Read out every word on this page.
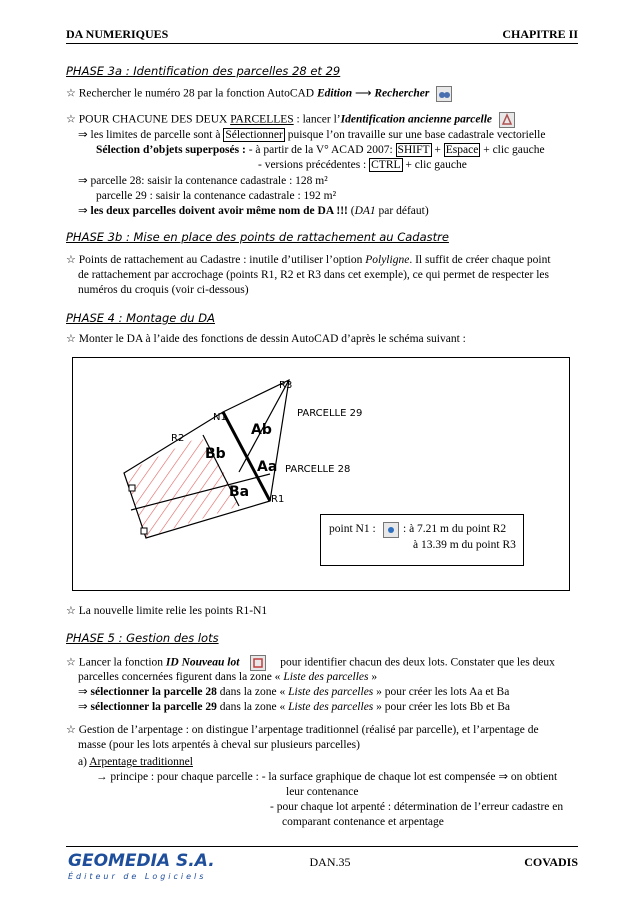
DA NUMERIQUES	CHAPITRE II
PHASE 3a : Identification des parcelles 28 et 29
☆ Rechercher le numéro 28 par la fonction AutoCAD Edition ⟶ Rechercher
☆ POUR CHACUNE DES DEUX PARCELLES : lancer l’Identification ancienne parcelle
⇒ les limites de parcelle sont à Sélectionner puisque l’on travaille sur une base cadastrale vectorielle
Sélection d’objets superposés : - à partir de la V° ACAD 2007: SHIFT + Espace + clic gauche
- versions précédentes : CTRL + clic gauche
⇒ parcelle 28: saisir la contenance cadastrale : 128 m²
parcelle 29 : saisir la contenance cadastrale : 192 m²
⇒ les deux parcelles doivent avoir même nom de DA !!! (DA1 par défaut)
PHASE 3b : Mise en place des points de rattachement au Cadastre
☆ Points de rattachement au Cadastre : inutile d’utiliser l’option Polyligne. Il suffit de créer chaque point
de rattachement par accrochage (points R1, R2 et R3 dans cet exemple), ce qui permet de respecter les
numéros du croquis (voir ci-dessous)
PHASE 4 : Montage du DA
☆ Monter le DA à l’aide des fonctions de dessin AutoCAD d’après le schéma suivant :
R3
N1
R2
R1
Ab
Bb
Aa
Ba
PARCELLE 29
PARCELLE 28
point N1 : : à 7.21 m du point R2
à 13.39 m du point R3
☆ La nouvelle limite relie les points R1-N1
PHASE 5 : Gestion des lots
☆ Lancer la fonction ID Nouveau lot	pour identifier chacun des deux lots. Constater que les deux
parcelles concernées figurent dans la zone « Liste des parcelles »
⇒ sélectionner la parcelle 28 dans la zone « Liste des parcelles » pour créer les lots Aa et Ba
⇒ sélectionner la parcelle 29 dans la zone « Liste des parcelles » pour créer les lots Bb et Ba
☆ Gestion de l’arpentage : on distingue l’arpentage traditionnel (réalisé par parcelle), et l’arpentage de
masse (pour les lots arpentés à cheval sur plusieurs parcelles)
a) Arpentage traditionnel
→ principe : pour chaque parcelle : - la surface graphique de chaque lot est compensée ⇒ on obtient
leur contenance
- pour chaque lot arpenté : détermination de l’erreur cadastre en
comparant contenance et arpentage
GEOMEDIA S.A.
Éditeur de Logiciels
DAN.35	COVADIS
